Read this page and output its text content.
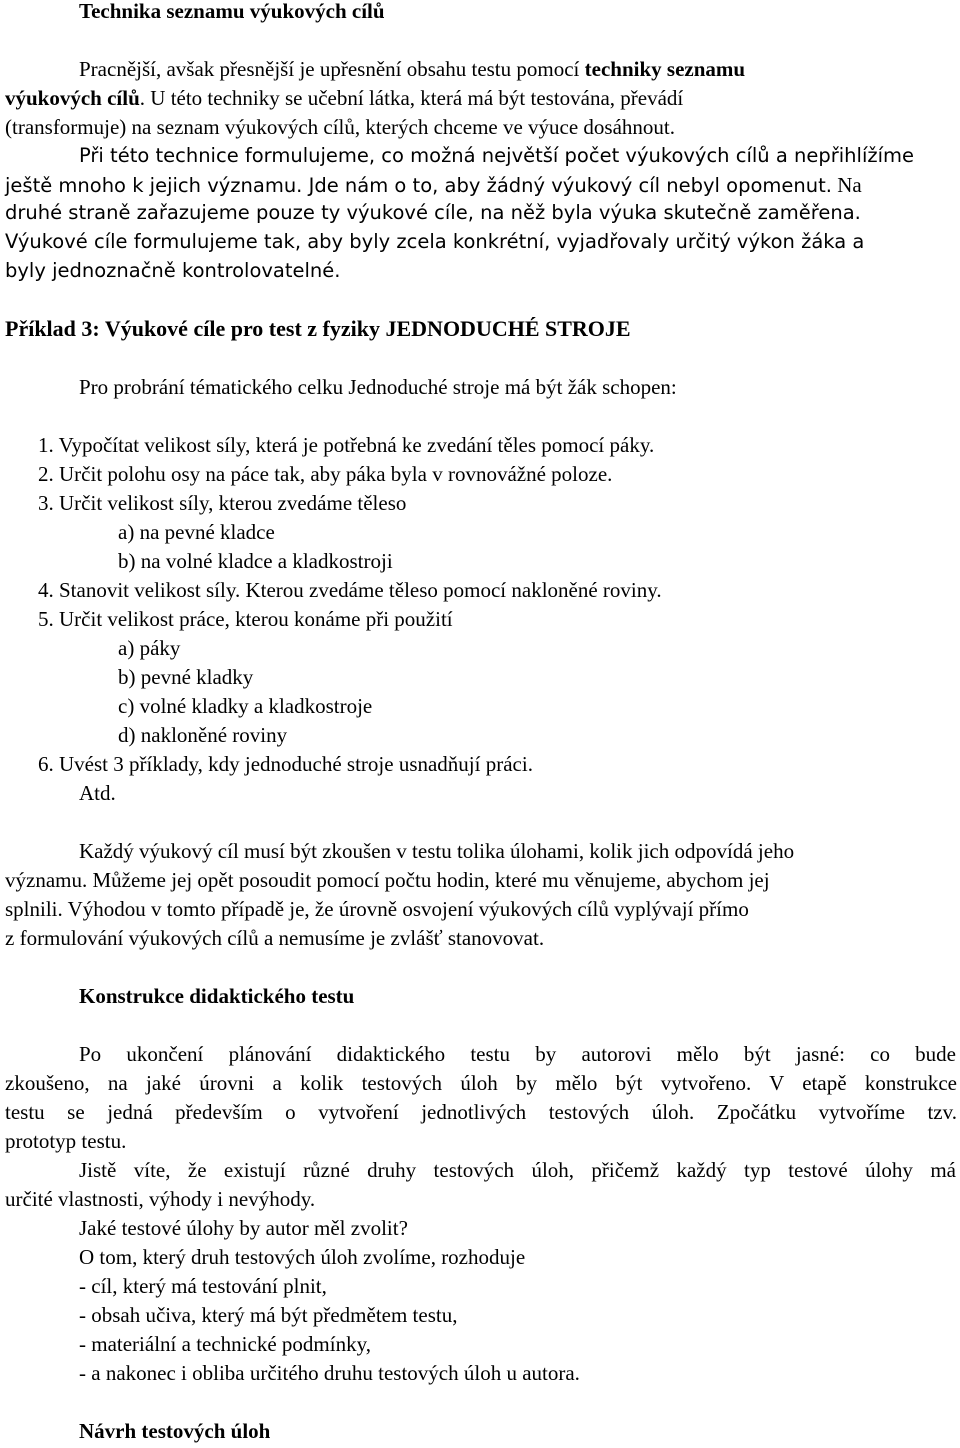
Technika seznamu výukových cílů
Pracnější, avšak přesnější je upřesnění obsahu testu pomocí techniky seznamu
výukových cílů. U této techniky se učební látka, která má být testována, převádí
(transformuje) na seznam výukových cílů, kterých chceme ve výuce dosáhnout.
Při této technice formulujeme, co možná největší počet výukových cílů a nepřihlížíme
ještě mnoho k jejich významu. Jde nám o to, aby žádný výukový cíl nebyl opomenut. Na
druhé straně zařazujeme pouze ty výukové cíle, na něž byla výuka skutečně zaměřena.
Výukové cíle formulujeme tak, aby byly zcela konkrétní, vyjadřovaly určitý výkon žáka a
byly jednoznačně kontrolovatelné.
Příklad 3: Výukové cíle pro test z fyziky JEDNODUCHÉ STROJE
Pro probrání tématického celku Jednoduché stroje má být žák schopen:
1. Vypočítat velikost síly, která je potřebná ke zvedání těles pomocí páky.
2. Určit polohu osy na páce tak, aby páka byla v rovnovážné poloze.
3. Určit velikost síly, kterou zvedáme těleso
a) na pevné kladce
b) na volné kladce a kladkostroji
4. Stanovit velikost síly. Kterou zvedáme těleso pomocí nakloněné roviny.
5. Určit velikost práce, kterou konáme při použití
a) páky
b) pevné kladky
c) volné kladky a kladkostroje
d) nakloněné roviny
6. Uvést 3 příklady, kdy jednoduché stroje usnadňují práci.
Atd.
Každý výukový cíl musí být zkoušen v testu tolika úlohami, kolik jich odpovídá jeho
významu. Můžeme jej opět posoudit pomocí počtu hodin, které mu věnujeme, abychom jej
splnili. Výhodou v tomto případě je, že úrovně osvojení výukových cílů vyplývají přímo
z formulování výukových cílů a nemusíme je zvlášť stanovovat.
Konstrukce didaktického testu
Po ukončení plánování didaktického testu by autorovi mělo být jasné: co bude
zkoušeno, na jaké úrovni a kolik testových úloh by mělo být vytvořeno. V etapě konstrukce
testu se jedná především o vytvoření jednotlivých testových úloh. Zpočátku vytvoříme tzv.
prototyp testu.
Jistě víte, že existují různé druhy testových úloh, přičemž každý typ testové úlohy má
určité vlastnosti, výhody i nevýhody.
Jaké testové úlohy by autor měl zvolit?
O tom, který druh testových úloh zvolíme, rozhoduje
- cíl, který má testování plnit,
- obsah učiva, který má být předmětem testu,
- materiální a technické podmínky,
- a nakonec i obliba určitého druhu testových úloh u autora.
Návrh testových úloh
